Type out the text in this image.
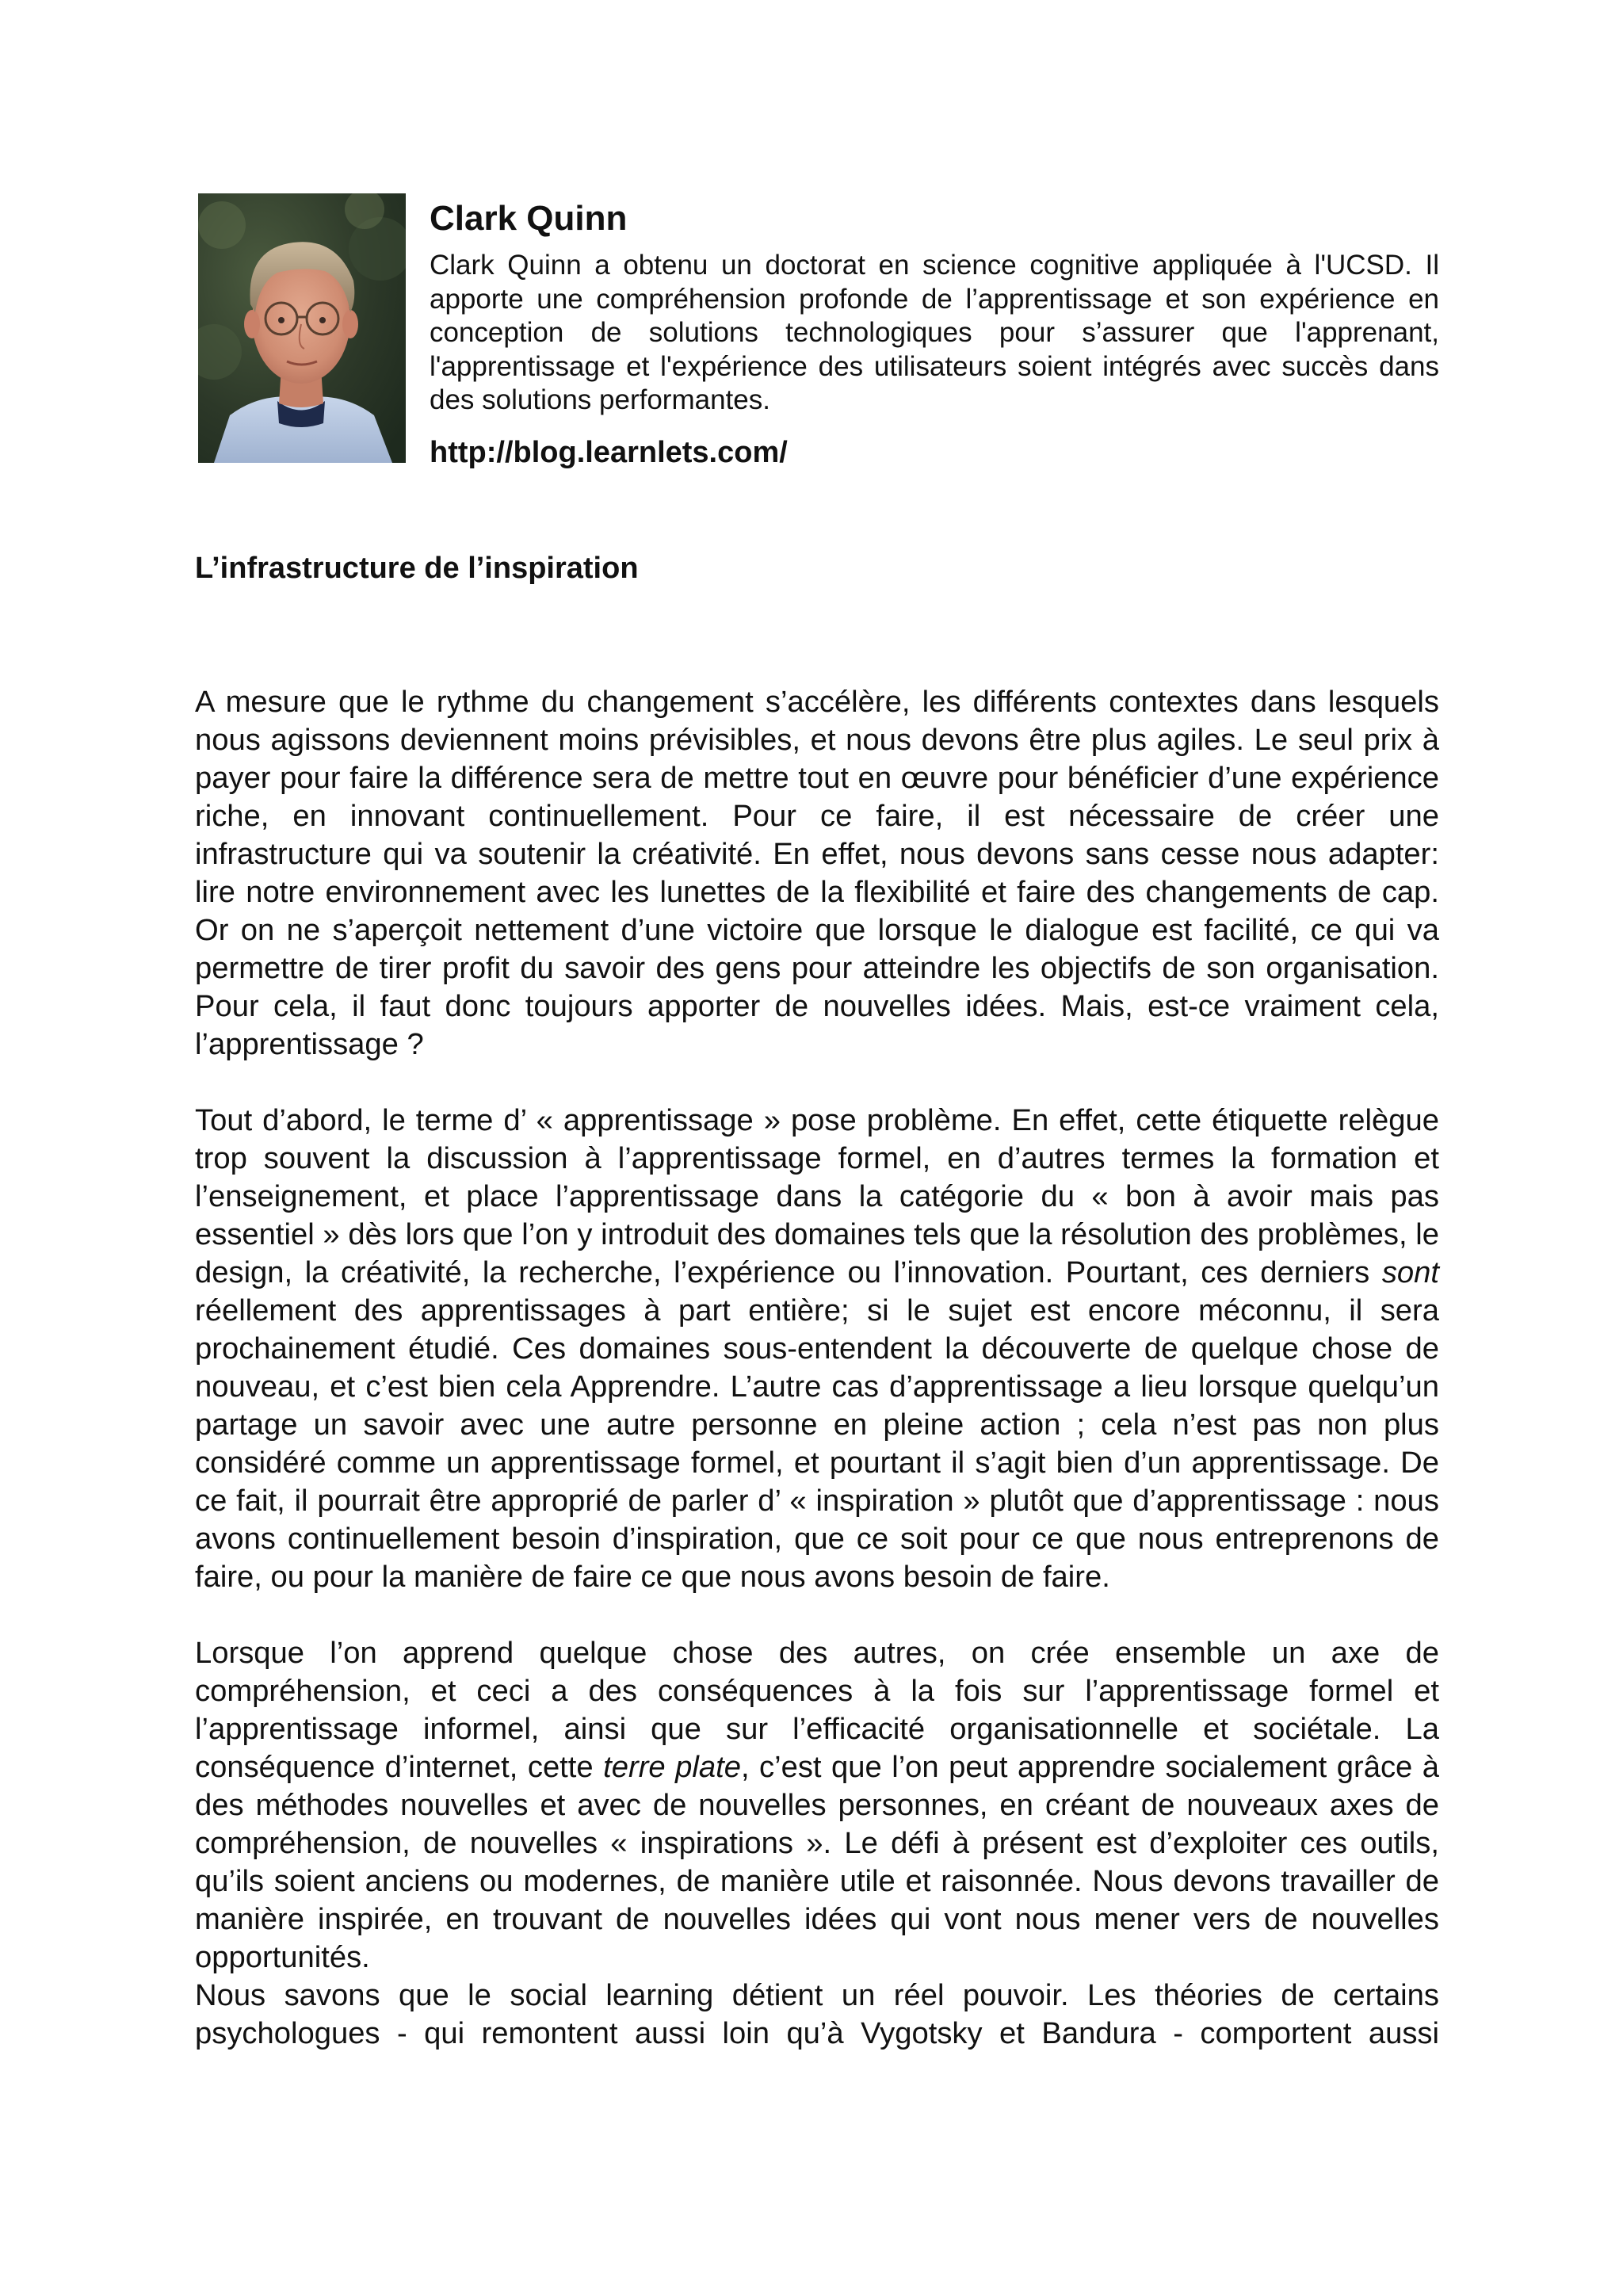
Clark Quinn

Clark Quinn a obtenu un doctorat en science cognitive appliquée à l'UCSD. Il apporte une compréhension profonde de l’apprentissage et son expérience en conception de solutions technologiques pour s’assurer que l'apprenant, l'apprentissage et l'expérience des utilisateurs soient intégrés avec succès dans des solutions performantes.

http://blog.learnlets.com/
L’infrastructure de l’inspiration

A mesure que le rythme du changement s’accélère, les différents contextes dans lesquels nous agissons deviennent moins prévisibles, et nous devons être plus agiles. Le seul prix à payer pour faire la différence sera de mettre tout en œuvre pour bénéficier d’une expérience riche, en innovant continuellement. Pour ce faire, il est nécessaire de créer une infrastructure qui va soutenir la créativité. En effet, nous devons sans cesse nous adapter: lire notre environnement avec les lunettes de la flexibilité et faire des changements de cap. Or on ne s’aperçoit nettement d’une victoire que lorsque le dialogue est facilité, ce qui va permettre de tirer profit du savoir des gens pour atteindre les objectifs de son organisation. Pour cela, il faut donc toujours apporter de nouvelles idées. Mais, est-ce vraiment cela, l’apprentissage ?

Tout d’abord, le terme d’ « apprentissage » pose problème. En effet, cette étiquette relègue trop souvent la discussion à l’apprentissage formel, en d’autres termes la formation et l’enseignement, et place l’apprentissage dans la catégorie du « bon à avoir mais pas essentiel » dès lors que l’on y introduit des domaines tels que la résolution des problèmes, le design, la créativité, la recherche, l’expérience ou l’innovation. Pourtant, ces derniers sont réellement des apprentissages à part entière; si le sujet est encore méconnu, il sera prochainement étudié. Ces domaines sous-entendent la découverte de quelque chose de nouveau, et c’est bien cela Apprendre. L’autre cas d’apprentissage a lieu lorsque quelqu’un partage un savoir avec une autre personne en pleine action ; cela n’est pas non plus considéré comme un apprentissage formel, et pourtant il s’agit bien d’un apprentissage. De ce fait, il pourrait être approprié de parler d’ « inspiration » plutôt que d’apprentissage : nous avons continuellement besoin d’inspiration, que ce soit pour ce que nous entreprenons de faire, ou pour la manière de faire ce que nous avons besoin de faire.

Lorsque l’on apprend quelque chose des autres, on crée ensemble un axe de compréhension, et ceci a des conséquences à la fois sur l’apprentissage formel et l’apprentissage informel, ainsi que sur l’efficacité organisationnelle et sociétale. La conséquence d’internet, cette terre plate, c’est que l’on peut apprendre socialement grâce à des méthodes nouvelles et avec de nouvelles personnes, en créant de nouveaux axes de compréhension, de nouvelles « inspirations ». Le défi à présent est d’exploiter ces outils, qu’ils soient anciens ou modernes, de manière utile et raisonnée. Nous devons travailler de manière inspirée, en trouvant de nouvelles idées qui vont nous mener vers de nouvelles opportunités.

Nous savons que le social learning détient un réel pouvoir. Les théories de certains psychologues - qui remontent aussi loin qu’à Vygotsky et Bandura - comportent aussi
